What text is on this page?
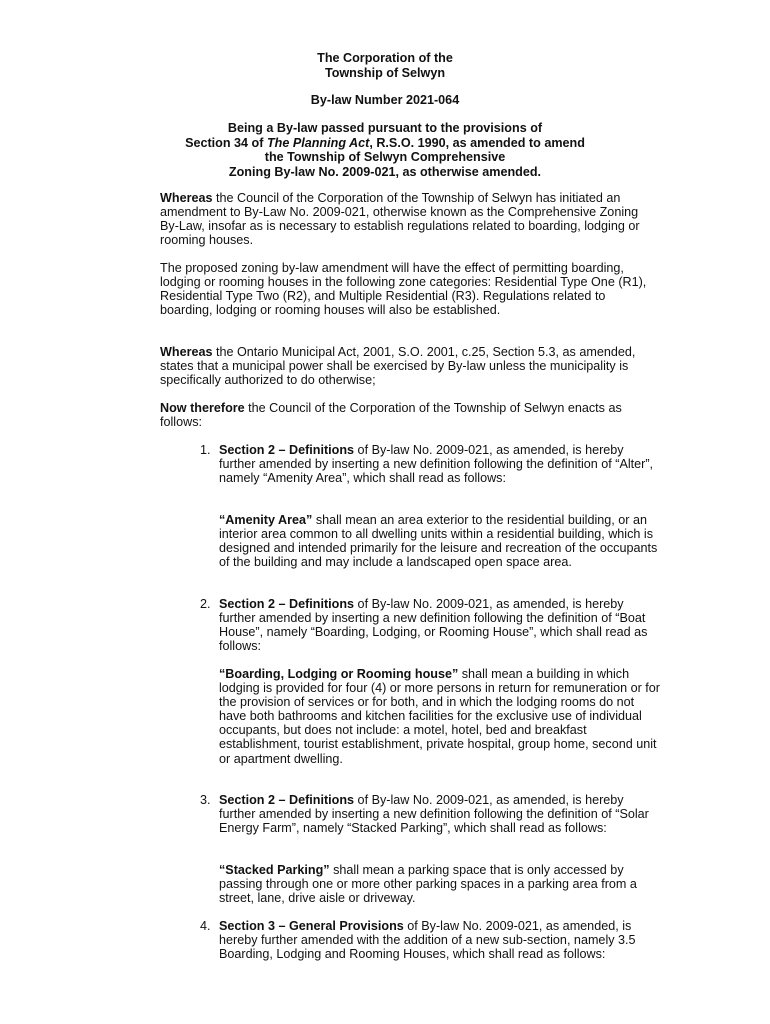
The Corporation of the
Township of Selwyn
By-law Number 2021-064
Being a By-law passed pursuant to the provisions of
Section 34 of The Planning Act, R.S.O. 1990, as amended to amend
the Township of Selwyn Comprehensive
Zoning By-law No. 2009-021, as otherwise amended.
Whereas the Council of the Corporation of the Township of Selwyn has initiated an amendment to By-Law No. 2009-021, otherwise known as the Comprehensive Zoning By-Law, insofar as is necessary to establish regulations related to boarding, lodging or rooming houses.
The proposed zoning by-law amendment will have the effect of permitting boarding, lodging or rooming houses in the following zone categories: Residential Type One (R1), Residential Type Two (R2), and Multiple Residential (R3). Regulations related to boarding, lodging or rooming houses will also be established.
Whereas the Ontario Municipal Act, 2001, S.O. 2001, c.25, Section 5.3, as amended, states that a municipal power shall be exercised by By-law unless the municipality is specifically authorized to do otherwise;
Now therefore the Council of the Corporation of the Township of Selwyn enacts as follows:
1. Section 2 – Definitions of By-law No. 2009-021, as amended, is hereby further amended by inserting a new definition following the definition of “Alter”, namely “Amenity Area”, which shall read as follows:
“Amenity Area” shall mean an area exterior to the residential building, or an interior area common to all dwelling units within a residential building, which is designed and intended primarily for the leisure and recreation of the occupants of the building and may include a landscaped open space area.
2. Section 2 – Definitions of By-law No. 2009-021, as amended, is hereby further amended by inserting a new definition following the definition of “Boat House”, namely “Boarding, Lodging, or Rooming House”, which shall read as follows:
“Boarding, Lodging or Rooming house” shall mean a building in which lodging is provided for four (4) or more persons in return for remuneration or for the provision of services or for both, and in which the lodging rooms do not have both bathrooms and kitchen facilities for the exclusive use of individual occupants, but does not include: a motel, hotel, bed and breakfast establishment, tourist establishment, private hospital, group home, second unit or apartment dwelling.
3. Section 2 – Definitions of By-law No. 2009-021, as amended, is hereby further amended by inserting a new definition following the definition of “Solar Energy Farm”, namely “Stacked Parking”, which shall read as follows:
“Stacked Parking” shall mean a parking space that is only accessed by passing through one or more other parking spaces in a parking area from a street, lane, drive aisle or driveway.
4. Section 3 – General Provisions of By-law No. 2009-021, as amended, is hereby further amended with the addition of a new sub-section, namely 3.5 Boarding, Lodging and Rooming Houses, which shall read as follows:
